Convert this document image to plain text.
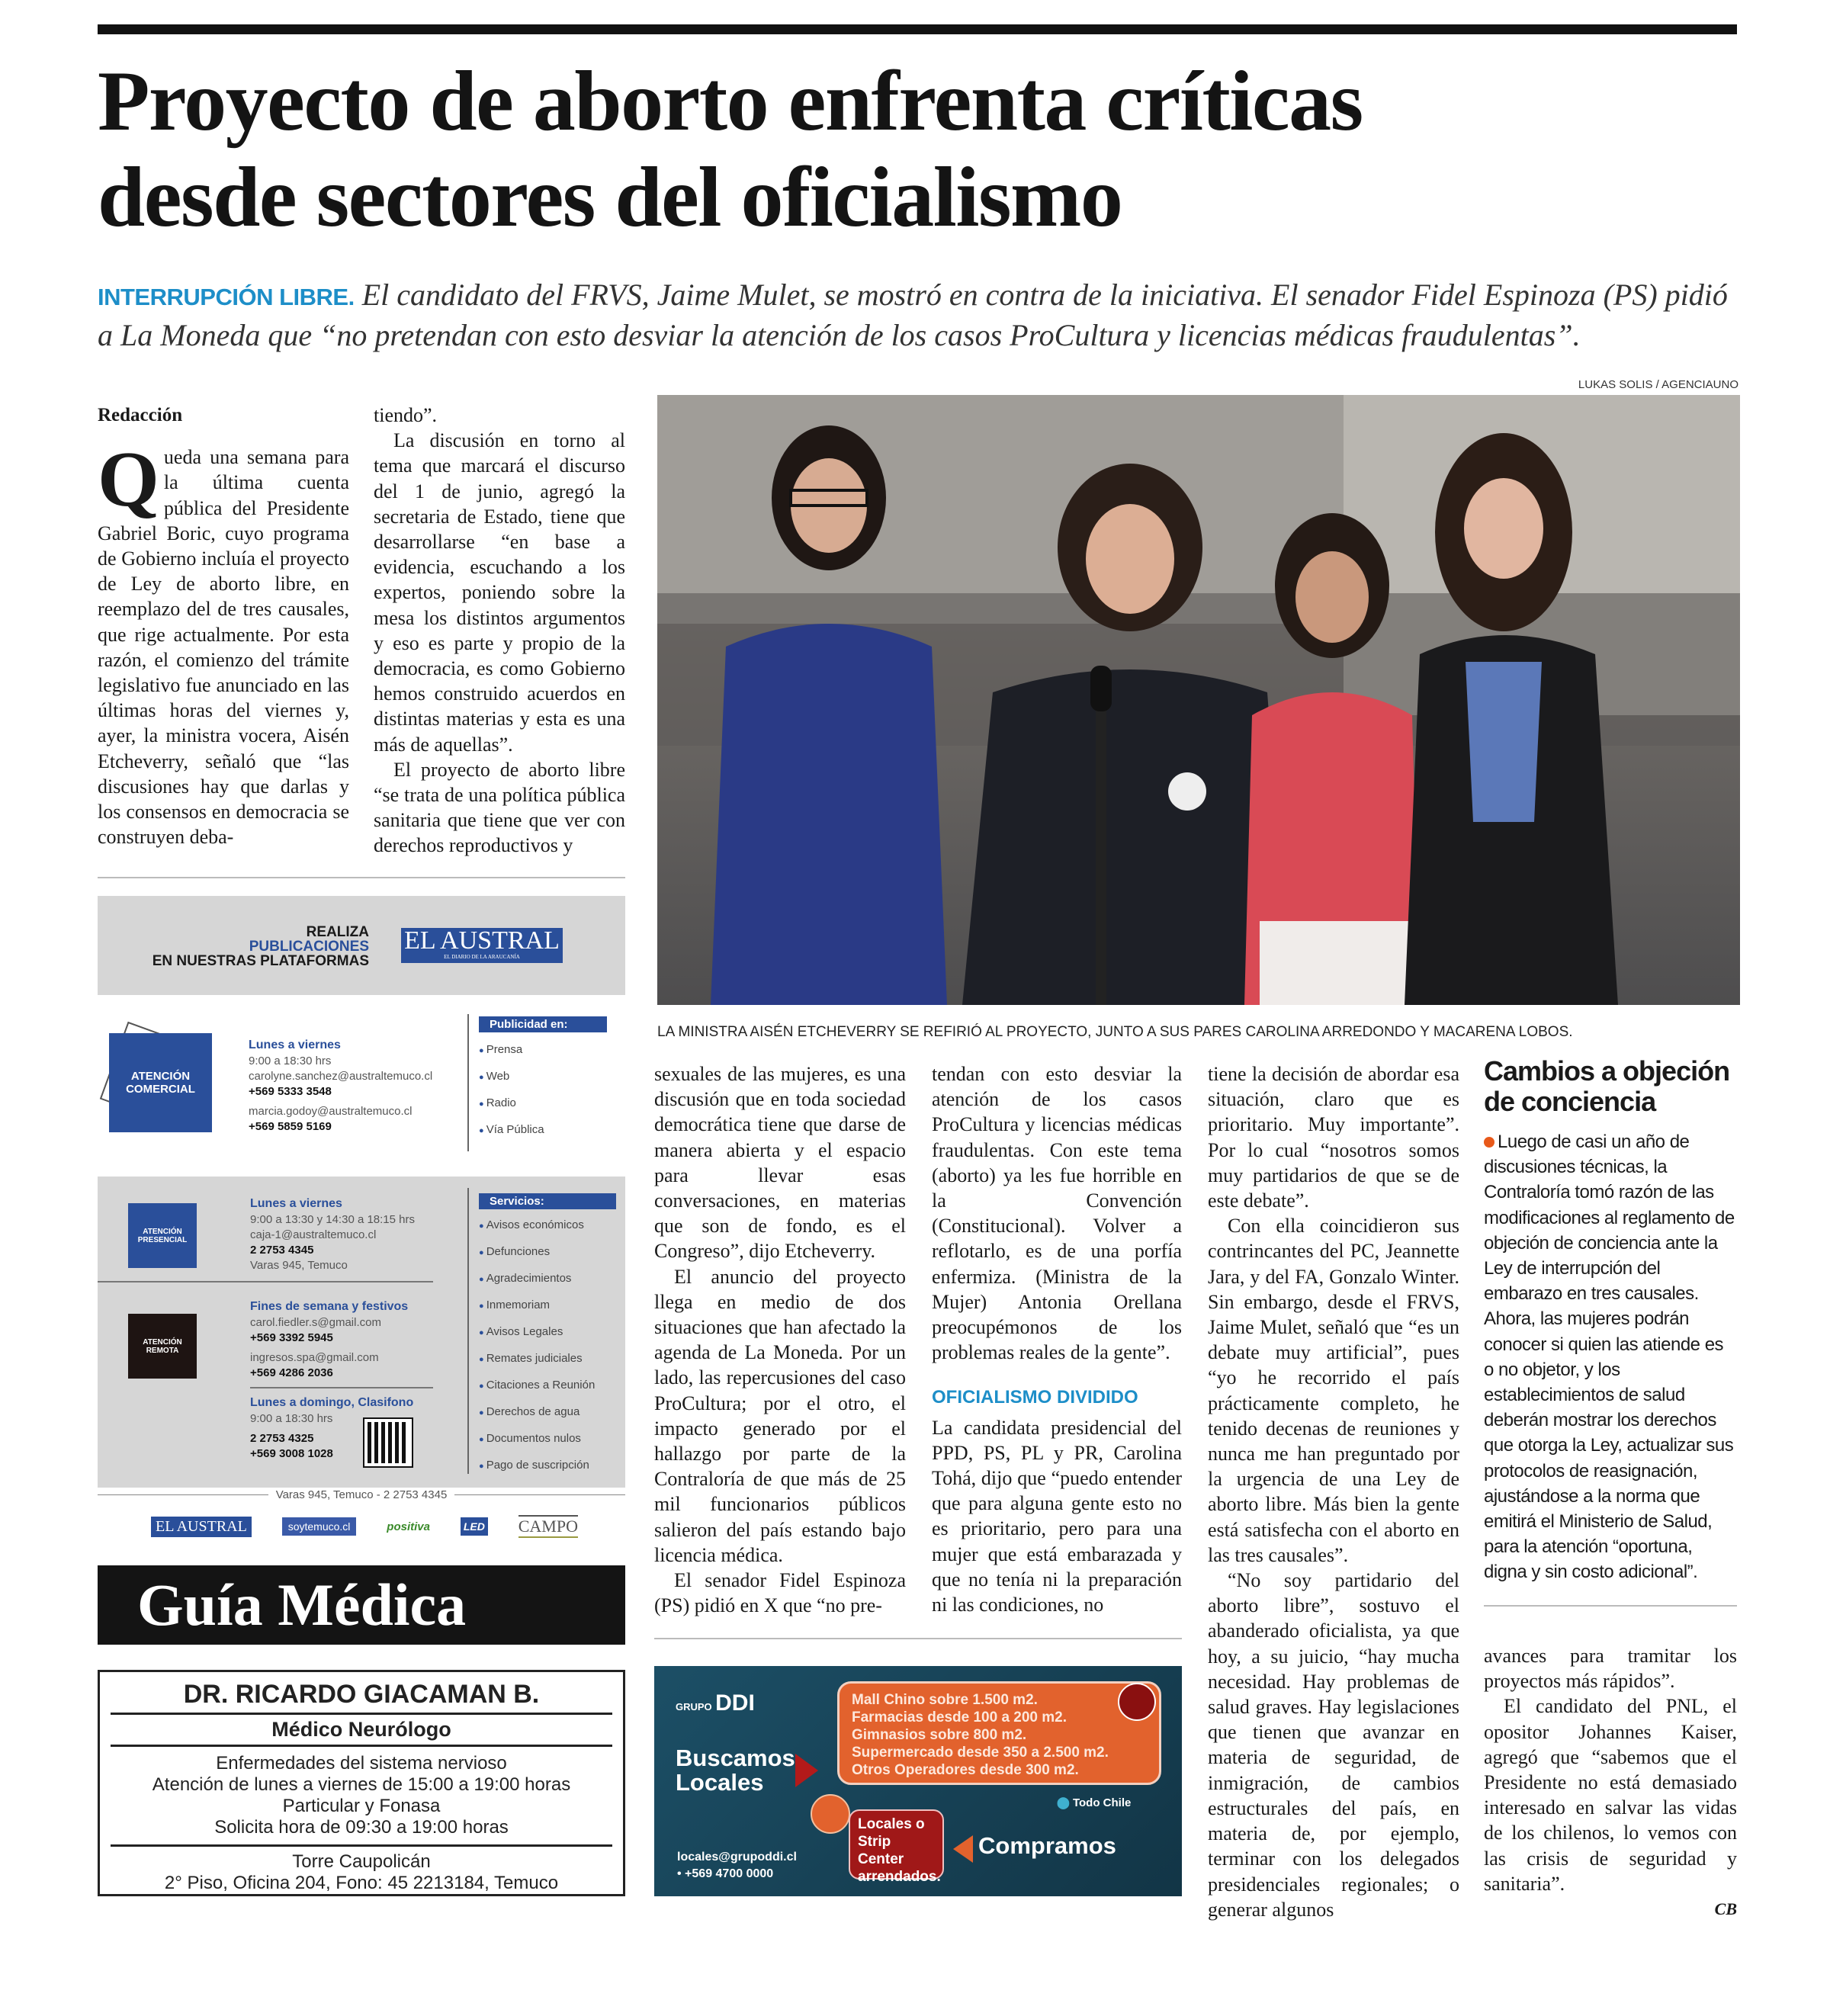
Proyecto de aborto enfrenta críticas
desde sectores del oficialismo
INTERRUPCIÓN LIBRE. El candidato del FRVS, Jaime Mulet, se mostró en contra de la iniciativa. El senador Fidel Espinoza (PS) pidió a La Moneda que “no pretendan con esto desviar la atención de los casos ProCultura y licencias médicas fraudulentas”.
LUKAS SOLIS / AGENCIAUNO
Redacción

Queda una semana para la última cuenta pública del Presidente Gabriel Boric, cuyo programa de Gobierno incluía el proyecto de Ley de aborto libre, en reemplazo del de tres causales, que rige actualmente. Por esta razón, el comienzo del trámite legislativo fue anunciado en las últimas horas del viernes y, ayer, la ministra vocera, Aisén Etcheverry, señaló que “las discusiones hay que darlas y los consensos en democracia se construyen deba-

tiendo”.

La discusión en torno al tema que marcará el discurso del 1 de junio, agregó la secretaria de Estado, tiene que desarrollarse “en base a evidencia, escuchando a los expertos, poniendo sobre la mesa los distintos argumentos y eso es parte y propio de la democracia, es como Gobierno hemos construido acuerdos en distintas materias y esta es una más de aquellas”.

El proyecto de aborto libre “se trata de una política pública sanitaria que tiene que ver con derechos reproductivos y

LA MINISTRA AISÉN ETCHEVERRY SE REFIRIÓ AL PROYECTO, JUNTO A SUS PARES CAROLINA ARREDONDO Y MACARENA LOBOS.

sexuales de las mujeres, es una discusión que en toda sociedad democrática tiene que darse de manera abierta y el espacio para llevar esas conversaciones, en materias que son de fondo, es el Congreso”, dijo Etcheverry.

El anuncio del proyecto llega en medio de dos situaciones que han afectado la agenda de La Moneda. Por un lado, las repercusiones del caso ProCultura; por el otro, el impacto generado por el hallazgo por parte de la Contraloría de que más de 25 mil funcionarios públicos salieron del país estando bajo licencia médica.

El senador Fidel Espinoza (PS) pidió en X que “no pre-

tendan con esto desviar la atención de los casos ProCultura y licencias médicas fraudulentas. Con este tema (aborto) ya les fue horrible en la Convención (Constitucional). Volver a reflotarlo, es de una porfía enfermiza. (Ministra de la Mujer) Antonia Orellana preocupémonos de los problemas reales de la gente”.

OFICIALISMO DIVIDIDO

La candidata presidencial del PPD, PS, PL y PR, Carolina Tohá, dijo que “puedo entender que para alguna gente esto no es prioritario, pero para una mujer que está embarazada y que no tenía ni la preparación ni las condiciones, no

tiene la decisión de abordar esa situación, claro que es prioritario. Muy importante”. Por lo cual “nosotros somos muy partidarios de que se de este debate”.

Con ella coincidieron sus contrincantes del PC, Jeannette Jara, y del FA, Gonzalo Winter. Sin embargo, desde el FRVS, Jaime Mulet, señaló que “es un debate muy artificial”, pues “yo he recorrido el país prácticamente completo, he tenido decenas de reuniones y nunca me han preguntado por la urgencia de una Ley de aborto libre. Más bien la gente está satisfecha con el aborto en las tres causales”.

“No soy partidario del aborto libre”, sostuvo el abanderado oficialista, ya que hoy, a su juicio, “hay mucha necesidad. Hay problemas de salud graves. Hay legislaciones que tienen que avanzar en materia de seguridad, de inmigración, de cambios estructurales del país, en materia de, por ejemplo, terminar con los delegados presidenciales regionales; o generar algunos

Cambios a objeción de conciencia
Luego de casi un año de discusiones técnicas, la Contraloría tomó razón de las modificaciones al reglamento de objeción de conciencia ante la Ley de interrupción del embarazo en tres causales. Ahora, las mujeres podrán conocer si quien las atiende es o no objetor, y los establecimientos de salud deberán mostrar los derechos que otorga la Ley, actualizar sus protocolos de reasignación, ajustándose a la norma que emitirá el Ministerio de Salud, para la atención “oportuna, digna y sin costo adicional”.

avances para tramitar los proyectos más rápidos”.

El candidato del PNL, el opositor Johannes Kaiser, agregó que “sabemos que el Presidente no está demasiado interesado en salvar las vidas de los chilenos, lo vemos con las crisis de seguridad y sanitaria”.

CB
REALIZA
PUBLICACIONES
EN NUESTRAS PLATAFORMAS
EL AUSTRAL
EL DIARIO DE LA ARAUCANÍA
ATENCIÓN COMERCIAL
Lunes a viernes
9:00 a 18:30 hrs
carolyne.sanchez@australtemuco.cl
+569 5333 3548
marcia.godoy@australtemuco.cl
+569 5859 5169
Publicidad en:
● Prensa
● Web
● Radio
● Vía Pública
ATENCIÓN PRESENCIAL
Lunes a viernes
9:00 a 13:30 y 14:30 a 18:15 hrs
caja-1@australtemuco.cl
2 2753 4345
Varas 945, Temuco
ATENCIÓN REMOTA
Fines de semana y festivos
carol.fiedler.s@gmail.com
+569 3392 5945
ingresos.spa@gmail.com
+569 4286 2036
Lunes a domingo, Clasifono
9:00 a 18:30 hrs
2 2753 4325
+569 3008 1028
Servicios:
● Avisos económicos
● Defunciones
● Agradecimientos
● Inmemoriam
● Avisos Legales
● Remates judiciales
● Citaciones a Reunión
● Derechos de agua
● Documentos nulos
● Pago de suscripción
Varas 945, Temuco - 2 2753 4345
EL AUSTRAL	soytemuco.cl	positiva	LED CAMPO
Guía Médica
DR. RICARDO GIACAMAN B.
Médico Neurólogo
Enfermedades del sistema nervioso
Atención de lunes a viernes de 15:00 a 19:00 horas
Particular y Fonasa
Solicita hora de 09:30 a 19:00 horas
Torre Caupolicán
2° Piso, Oficina 204, Fono: 45 2213184, Temuco
GRUPO DDI
Buscamos Locales
Mall Chino sobre 1.500 m2.
Farmacias desde 100 a 200 m2.
Gimnasios sobre 800 m2.
Supermercado desde 350 a 2.500 m2.
Otros Operadores desde 300 m2.
⬤ Todo Chile
Locales o Strip Center arrendados.
Compramos
locales@grupoddi.cl
• +569 4700 0000
